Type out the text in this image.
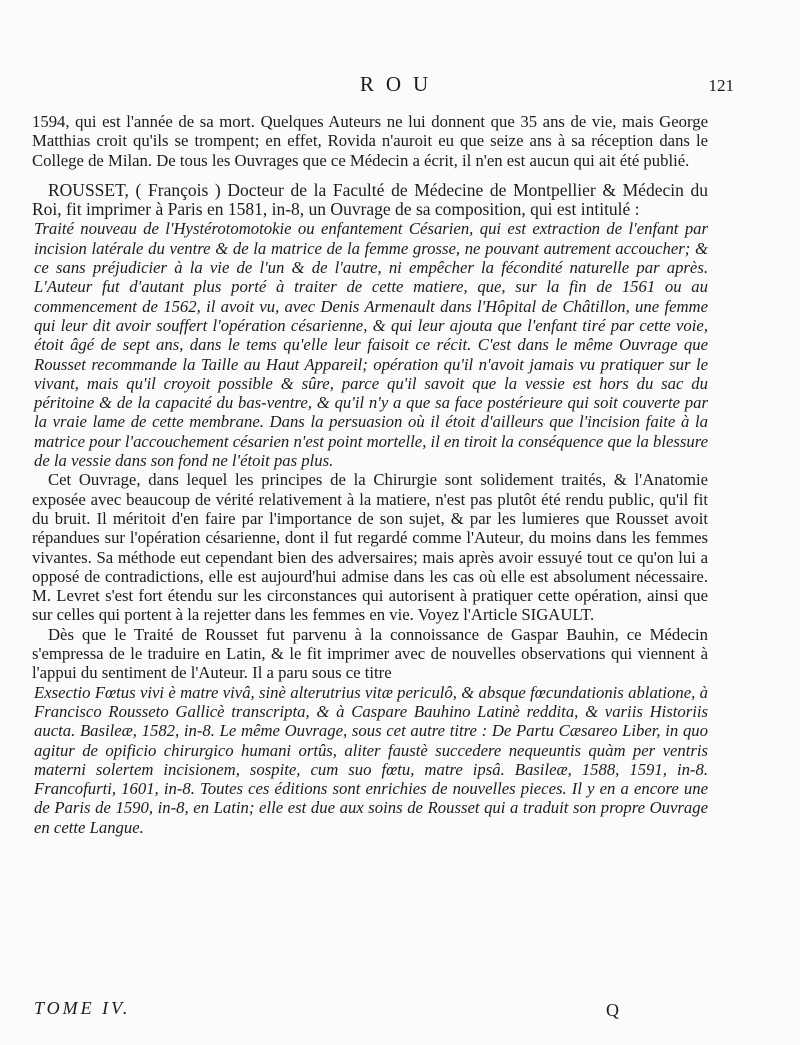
ROU	121

1594, qui est l'année de sa mort. Quelques Auteurs ne lui donnent que 35 ans de vie, mais George Matthias croit qu'ils se trompent; en effet, Rovida n'auroit eu que seize ans à sa réception dans le College de Milan. De tous les Ouvrages que ce Médecin a écrit, il n'en est aucun qui ait été publié.

ROUSSET, ( François ) Docteur de la Faculté de Médecine de Montpellier & Médecin du Roi, fit imprimer à Paris en 1581, in-8, un Ouvrage de sa composition, qui est intitulé :

Traité nouveau de l'Hystérotomotokie ou enfantement Césarien, qui est extraction de l'enfant par incision latérale du ventre & de la matrice de la femme grosse, ne pouvant autrement accoucher; & ce sans préjudicier à la vie de l'un & de l'autre, ni empêcher la fécondité naturelle par après. L'Auteur fut d'autant plus porté à traiter de cette matiere, que, sur la fin de 1561 ou au commencement de 1562, il avoit vu, avec Denis Armenault dans l'Hôpital de Châtillon, une femme qui leur dit avoir souffert l'opération césarienne, & qui leur ajouta que l'enfant tiré par cette voie, étoit âgé de sept ans, dans le tems qu'elle leur faisoit ce récit. C'est dans le même Ouvrage que Rousset recommande la Taille au Haut Appareil; opération qu'il n'avoit jamais vu pratiquer sur le vivant, mais qu'il croyoit possible & sûre, parce qu'il savoit que la vessie est hors du sac du péritoine & de la capacité du bas-ventre, & qu'il n'y a que sa face postérieure qui soit couverte par la vraie lame de cette membrane. Dans la persuasion où il étoit d'ailleurs que l'incision faite à la matrice pour l'accouchement césarien n'est point mortelle, il en tiroit la conséquence que la blessure de la vessie dans son fond ne l'étoit pas plus.

Cet Ouvrage, dans lequel les principes de la Chirurgie sont solidement traités, & l'Anatomie exposée avec beaucoup de vérité relativement à la matiere, n'est pas plutôt été rendu public, qu'il fit du bruit. Il méritoit d'en faire par l'importance de son sujet, & par les lumieres que Rousset avoit répandues sur l'opération césarienne, dont il fut regardé comme l'Auteur, du moins dans les femmes vivantes. Sa méthode eut cependant bien des adversaires; mais après avoir essuyé tout ce qu'on lui a opposé de contradictions, elle est aujourd'hui admise dans les cas où elle est absolument nécessaire. M. Levret s'est fort étendu sur les circonstances qui autorisent à pratiquer cette opération, ainsi que sur celles qui portent à la rejetter dans les femmes en vie. Voyez l'Article SIGAULT.

Dès que le Traité de Rousset fut parvenu à la connoissance de Gaspar Bauhin, ce Médecin s'empressa de le traduire en Latin, & le fit imprimer avec de nouvelles observations qui viennent à l'appui du sentiment de l'Auteur. Il a paru sous ce titre

Exsectio Fœtus vivi è matre vivâ, sinè alterutrius vitæ periculô, & absque fœcundationis ablatione, à Francisco Rousseto Gallicè transcripta, & à Caspare Bauhino Latinè reddita, & variis Historiis aucta. Basileæ, 1582, in-8. Le même Ouvrage, sous cet autre titre : De Partu Cæsareo Liber, in quo agitur de opificio chirurgico humani ortûs, aliter faustè succedere nequeuntis quàm per ventris materni solertem incisionem, sospite, cum suo fœtu, matre ipsâ. Basileæ, 1588, 1591, in-8. Francofurti, 1601, in-8. Toutes ces éditions sont enrichies de nouvelles pieces. Il y en a encore une de Paris de 1590, in-8, en Latin; elle est due aux soins de Rousset qui a traduit son propre Ouvrage en cette Langue.

TOME IV.	Q
